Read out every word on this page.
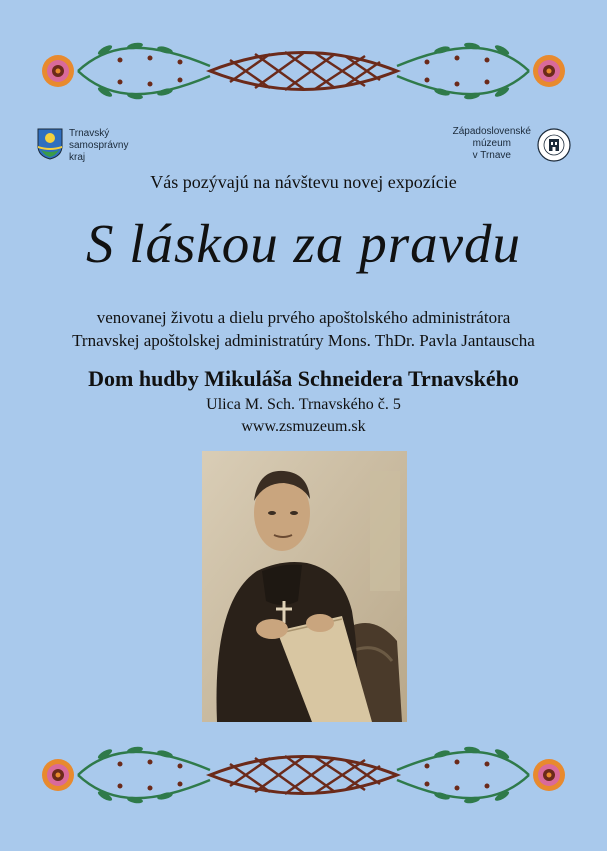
Trnavský
samosprávny
kraj
Západoslovenské
múzeum
v Trnave
Vás pozývajú na návštevu novej expozície
S láskou za pravdu
venovanej životu a dielu prvého apoštolského administrátora
Trnavskej apoštolskej administratúry Mons. ThDr. Pavla Jantauscha
Dom hudby Mikuláša Schneidera Trnavského
Ulica M. Sch. Trnavského č. 5
www.zsmuzeum.sk
